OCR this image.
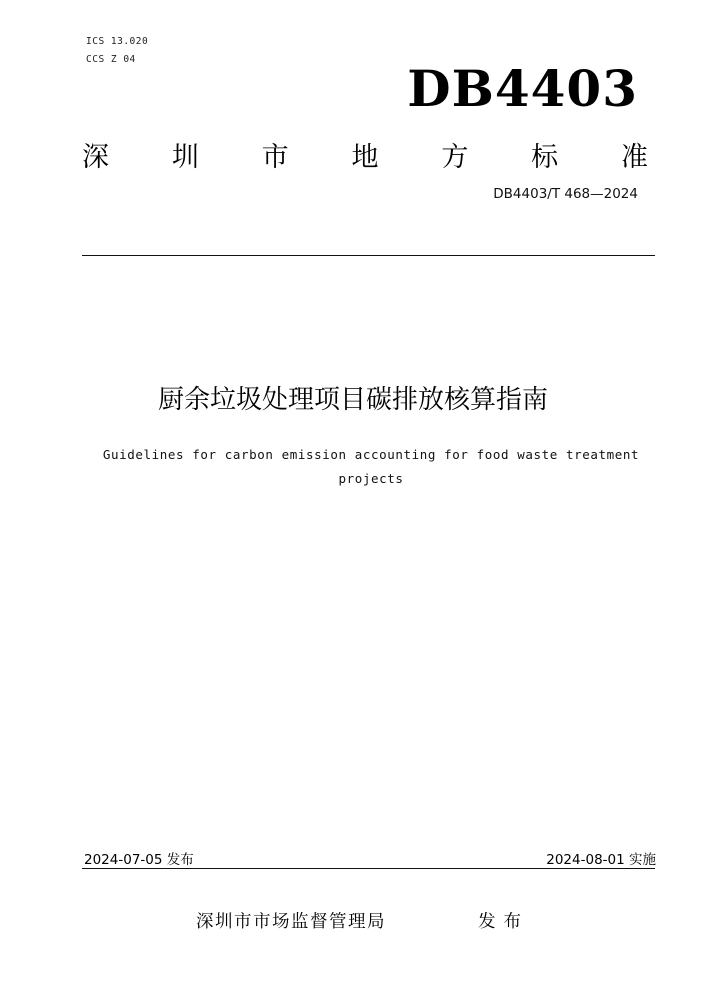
ICS 13.020
CCS Z 04	DB4403
深 圳 市 地 方 标 准
DB4403/T 468—2024
厨余垃圾处理项目碳排放核算指南
Guidelines for carbon emission accounting for food waste treatment
projects
2024-07-05 发布	2024-08-01 实施
深圳市市场监督管理局	发布
